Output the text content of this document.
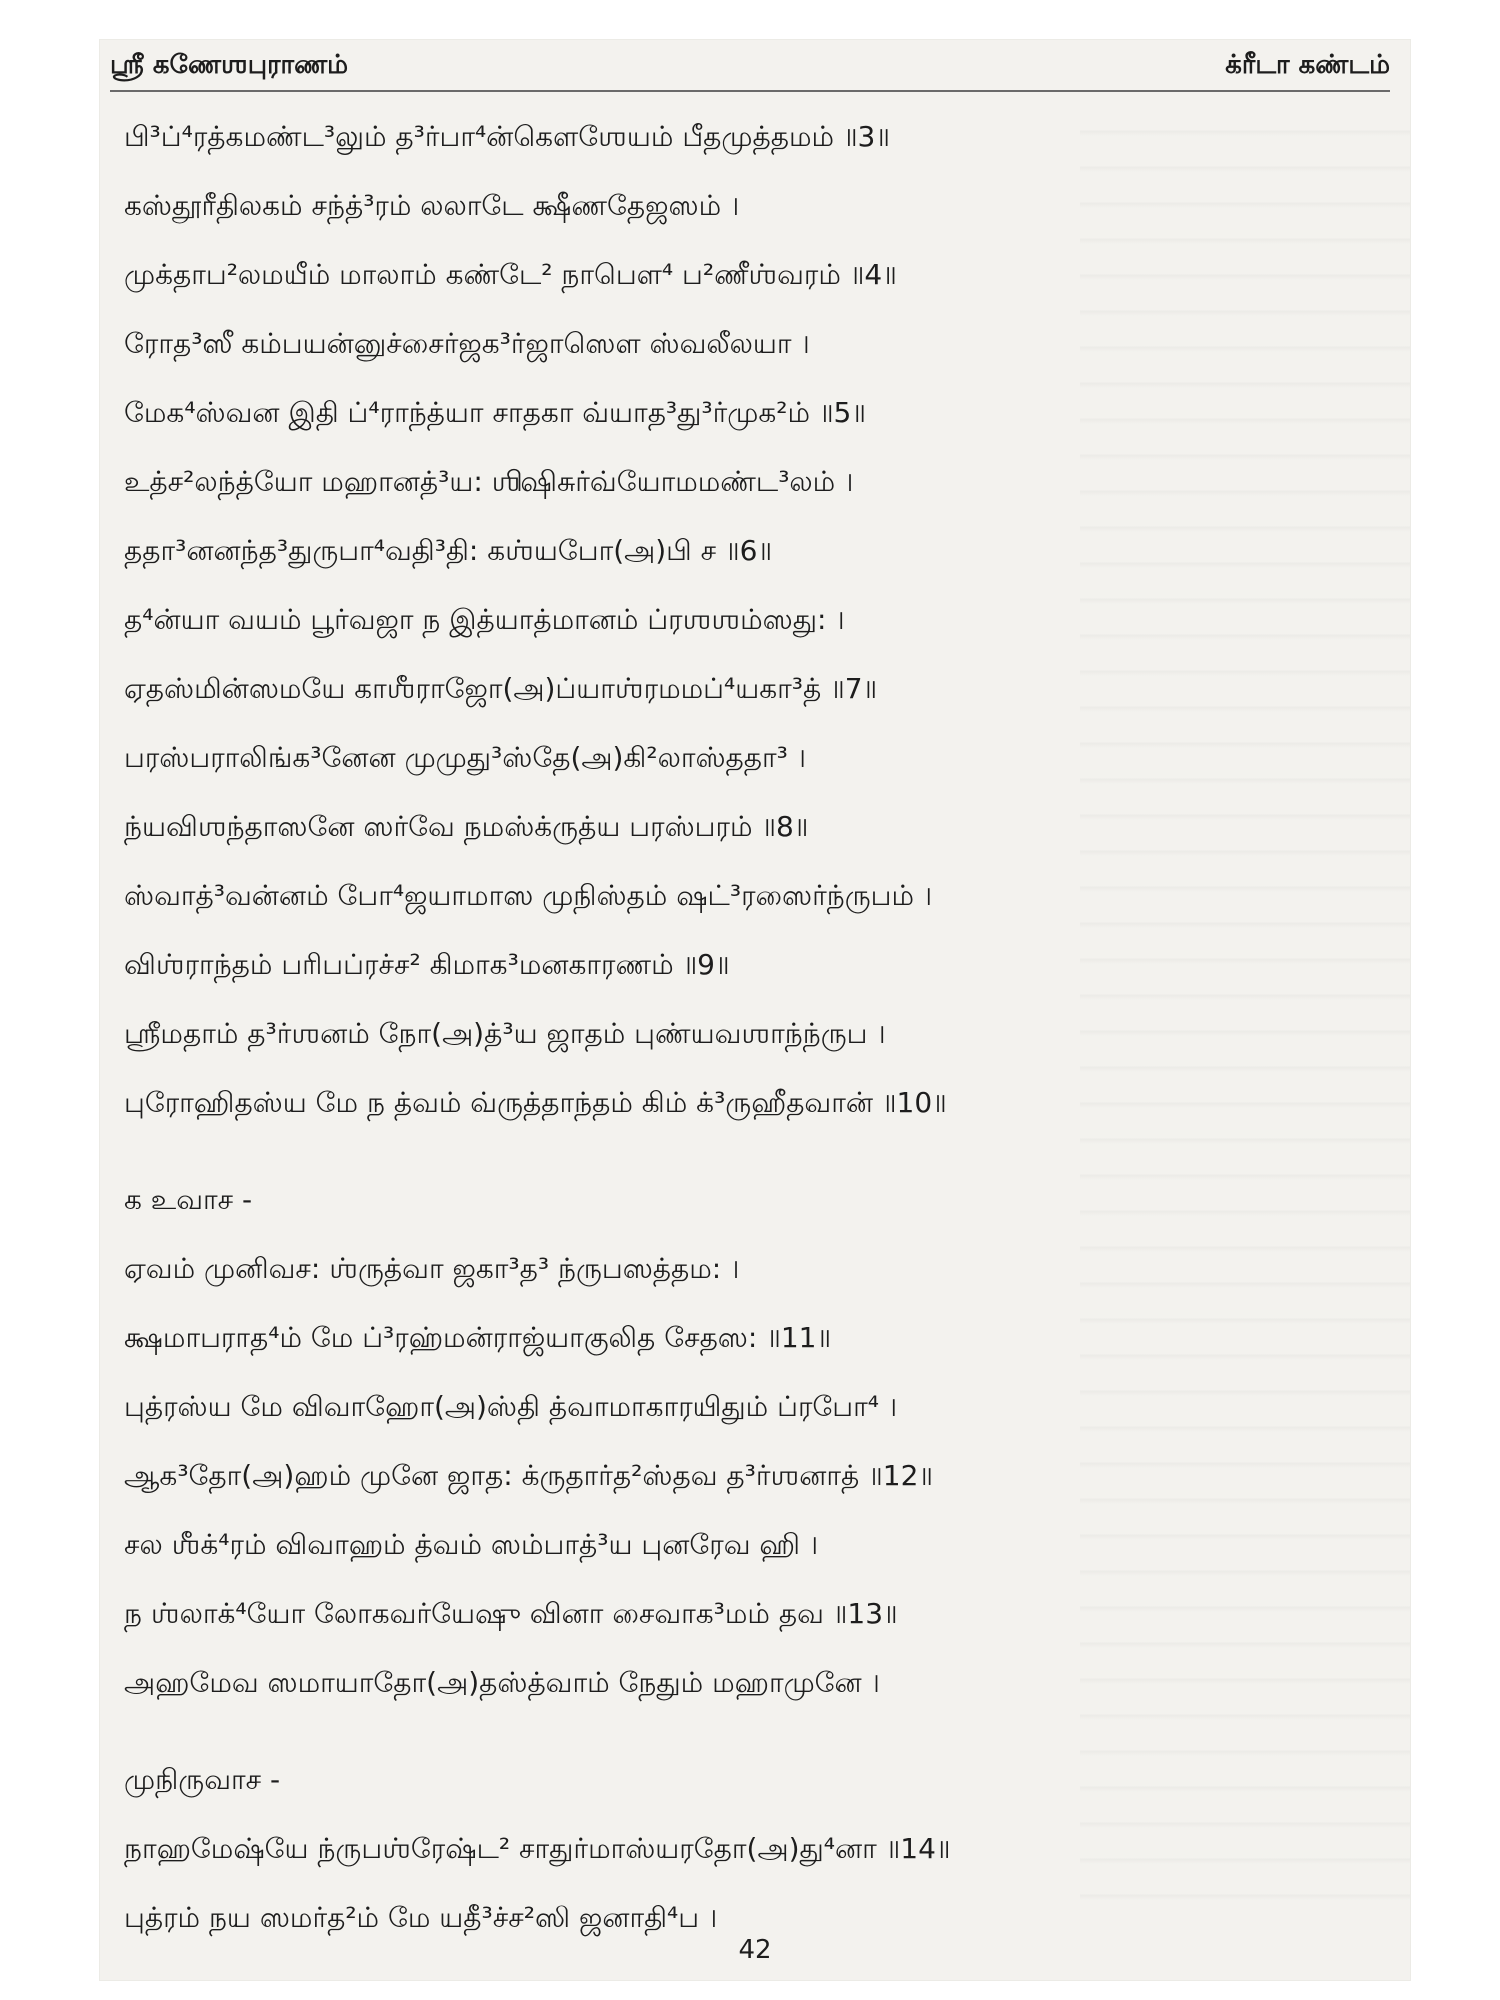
ஸ்ரீ கணேஶபுராணம்	க்ரீடா கண்டம்
பி³ப்⁴ரத்கமண்ட³லும் த³ர்பா⁴ன்கௌஶேயம் பீதமுத்தமம் ॥3॥
கஸ்தூரீதிலகம் சந்த்³ரம் லலாடே க்ஷீணதேஜஸம் ।
முக்தாப²லமயீம் மாலாம் கண்டே² நாபௌ⁴ ப²ணீஶ்வரம் ॥4॥
ரோத³ஸீ கம்பயன்னுச்சைர்ஜக³ர்ஜாஸௌ ஸ்வலீலயா ।
மேக⁴ஸ்வன இதி ப்⁴ராந்த்யா சாதகா வ்யாத³து³ர்முக²ம் ॥5॥
உத்ச²லந்த்யோ மஹானத்³ய: ஶிஷிசுர்வ்யோமமண்ட³லம் ।
ததா³னனந்த³துருபா⁴வதி³தி: கஶ்யபோ(அ)பி ச ॥6॥
த⁴ன்யா வயம் பூர்வஜா ந இத்யாத்மானம் ப்ரஶஶம்ஸது: ।
ஏதஸ்மின்ஸமயே காஶீராஜோ(அ)ப்யாஶ்ரமமப்⁴யகா³த் ॥7॥
பரஸ்பராலிங்க³னேன முமுது³ஸ்தே(அ)கி²லாஸ்ததா³ ।
ந்யவிஶந்தாஸனே ஸர்வே நமஸ்க்ருத்ய பரஸ்பரம் ॥8॥
ஸ்வாத்³வன்னம் போ⁴ஜயாமாஸ முநிஸ்தம் ஷட்³ரஸைர்ந்ருபம் ।
விஶ்ராந்தம் பரிபப்ரச்ச² கிமாக³மனகாரணம் ॥9॥
ஸ்ரீமதாம் த³ர்ஶனம் நோ(அ)த்³ய ஜாதம் புண்யவஶாந்ந்ருப ।
புரோஹிதஸ்ய மே ந த்வம் வ்ருத்தாந்தம் கிம் க்³ருஹீதவான் ॥10॥
க உவாச -
ஏவம் முனிவச: ஶ்ருத்வா ஜகா³த³ ந்ருபஸத்தம: ।
க்ஷமாபராத⁴ம் மே ப்³ரஹ்மன்ராஜ்யாகுலித சேதஸ: ॥11॥
புத்ரஸ்ய மே விவாஹோ(அ)ஸ்தி த்வாமாகாரயிதும் ப்ரபோ⁴ ।
ஆக³தோ(அ)ஹம் முனே ஜாத: க்ருதார்த²ஸ்தவ த³ர்ஶனாத் ॥12॥
சல ஶீக்⁴ரம் விவாஹம் த்வம் ஸம்பாத்³ய புனரேவ ஹி ।
ந ஶ்லாக்⁴யோ லோகவர்யேஷு வினா சைவாக³மம் தவ ॥13॥
அஹமேவ ஸமாயாதோ(அ)தஸ்த்வாம் நேதும் மஹாமுனே ।
முநிருவாச -
நாஹமேஷ்யே ந்ருபஶ்ரேஷ்ட² சாதுர்மாஸ்யரதோ(அ)து⁴னா ॥14॥
புத்ரம் நய ஸமர்த²ம் மே யதீ³ச்ச²ஸி ஜனாதி⁴ப ।
42
